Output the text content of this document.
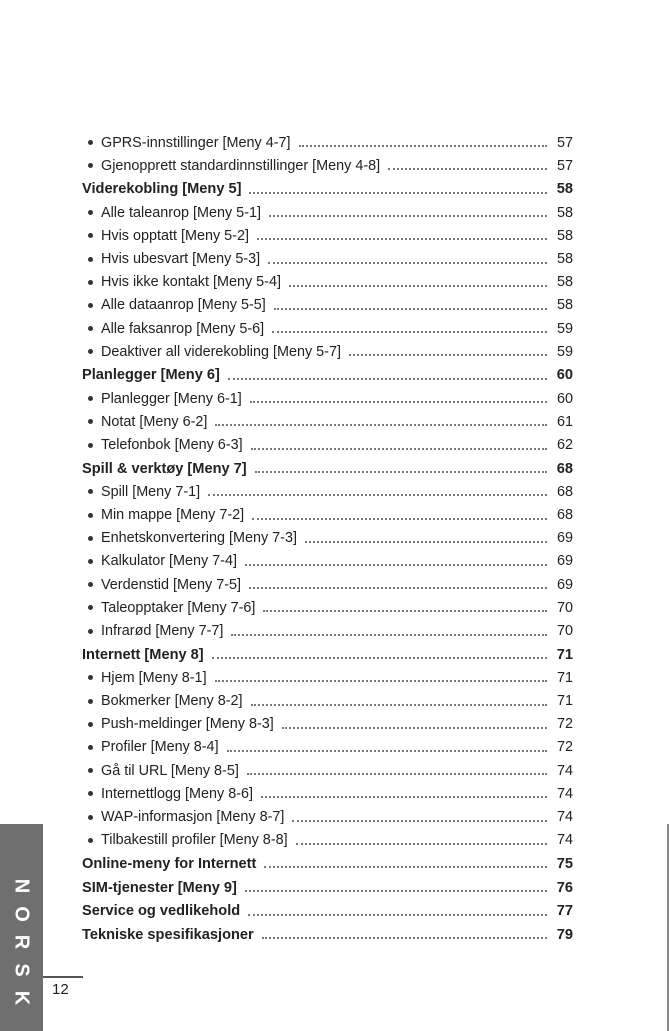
GPRS-innstillinger [Meny 4-7]	57
Gjenopprett standardinnstillinger [Meny 4-8]	57
Viderekobling [Meny 5]	58
Alle taleanrop [Meny 5-1]	58
Hvis opptatt [Meny 5-2]	58
Hvis ubesvart [Meny 5-3]	58
Hvis ikke kontakt [Meny 5-4]	58
Alle dataanrop [Meny 5-5]	58
Alle faksanrop [Meny 5-6]	59
Deaktiver all viderekobling [Meny 5-7]	59
Planlegger [Meny 6]	60
Planlegger [Meny 6-1]	60
Notat [Meny 6-2]	61
Telefonbok [Meny 6-3]	62
Spill & verktøy [Meny 7]	68
Spill [Meny 7-1]	68
Min mappe [Meny 7-2]	68
Enhetskonvertering [Meny 7-3]	69
Kalkulator [Meny 7-4]	69
Verdenstid [Meny 7-5]	69
Taleopptaker [Meny 7-6]	70
Infrarød [Meny 7-7]	70
Internett [Meny 8]	71
Hjem [Meny 8-1]	71
Bokmerker [Meny 8-2]	71
Push-meldinger [Meny 8-3]	72
Profiler [Meny 8-4]	72
Gå til URL [Meny 8-5]	74
Internettlogg [Meny 8-6]	74
WAP-informasjon [Meny 8-7]	74
Tilbakestill profiler [Meny 8-8]	74
Online-meny for Internett	75
SIM-tjenester [Meny 9]	76
Service og vedlikehold	77
Tekniske spesifikasjoner	79
N
O
R
S
K 12
